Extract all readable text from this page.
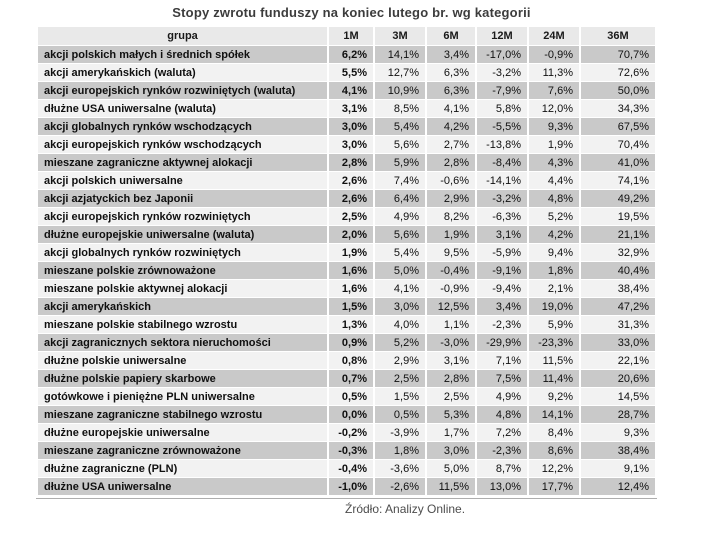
Stopy zwrotu funduszy na koniec lutego br. wg kategorii
grupa	1M	3M	6M	12M	24M	36M
akcji polskich małych i średnich spółek	6,2%	14,1%	3,4%	-17,0%	-0,9%	70,7%
akcji amerykańskich (waluta)	5,5%	12,7%	6,3%	-3,2%	11,3%	72,6%
akcji europejskich rynków rozwiniętych (waluta)	4,1%	10,9%	6,3%	-7,9%	7,6%	50,0%
dłużne USA uniwersalne (waluta)	3,1%	8,5%	4,1%	5,8%	12,0%	34,3%
akcji globalnych rynków wschodzących	3,0%	5,4%	4,2%	-5,5%	9,3%	67,5%
akcji europejskich rynków wschodzących	3,0%	5,6%	2,7%	-13,8%	1,9%	70,4%
mieszane zagraniczne aktywnej alokacji	2,8%	5,9%	2,8%	-8,4%	4,3%	41,0%
akcji polskich uniwersalne	2,6%	7,4%	-0,6%	-14,1%	4,4%	74,1%
akcji azjatyckich bez Japonii	2,6%	6,4%	2,9%	-3,2%	4,8%	49,2%
akcji europejskich rynków rozwiniętych	2,5%	4,9%	8,2%	-6,3%	5,2%	19,5%
dłużne europejskie uniwersalne (waluta)	2,0%	5,6%	1,9%	3,1%	4,2%	21,1%
akcji globalnych rynków rozwiniętych	1,9%	5,4%	9,5%	-5,9%	9,4%	32,9%
mieszane polskie zrównoważone	1,6%	5,0%	-0,4%	-9,1%	1,8%	40,4%
mieszane polskie aktywnej alokacji	1,6%	4,1%	-0,9%	-9,4%	2,1%	38,4%
akcji amerykańskich	1,5%	3,0%	12,5%	3,4%	19,0%	47,2%
mieszane polskie stabilnego wzrostu	1,3%	4,0%	1,1%	-2,3%	5,9%	31,3%
akcji zagranicznych sektora nieruchomości	0,9%	5,2%	-3,0%	-29,9%	-23,3%	33,0%
dłużne polskie uniwersalne	0,8%	2,9%	3,1%	7,1%	11,5%	22,1%
dłużne polskie papiery skarbowe	0,7%	2,5%	2,8%	7,5%	11,4%	20,6%
gotówkowe i pieniężne PLN uniwersalne	0,5%	1,5%	2,5%	4,9%	9,2%	14,5%
mieszane zagraniczne stabilnego wzrostu	0,0%	0,5%	5,3%	4,8%	14,1%	28,7%
dłużne europejskie uniwersalne	-0,2%	-3,9%	1,7%	7,2%	8,4%	9,3%
mieszane zagraniczne zrównoważone	-0,3%	1,8%	3,0%	-2,3%	8,6%	38,4%
dłużne zagraniczne (PLN)	-0,4%	-3,6%	5,0%	8,7%	12,2%	9,1%
dłużne USA uniwersalne	-1,0%	-2,6%	11,5%	13,0%	17,7%	12,4%
Źródło: Analizy Online.
